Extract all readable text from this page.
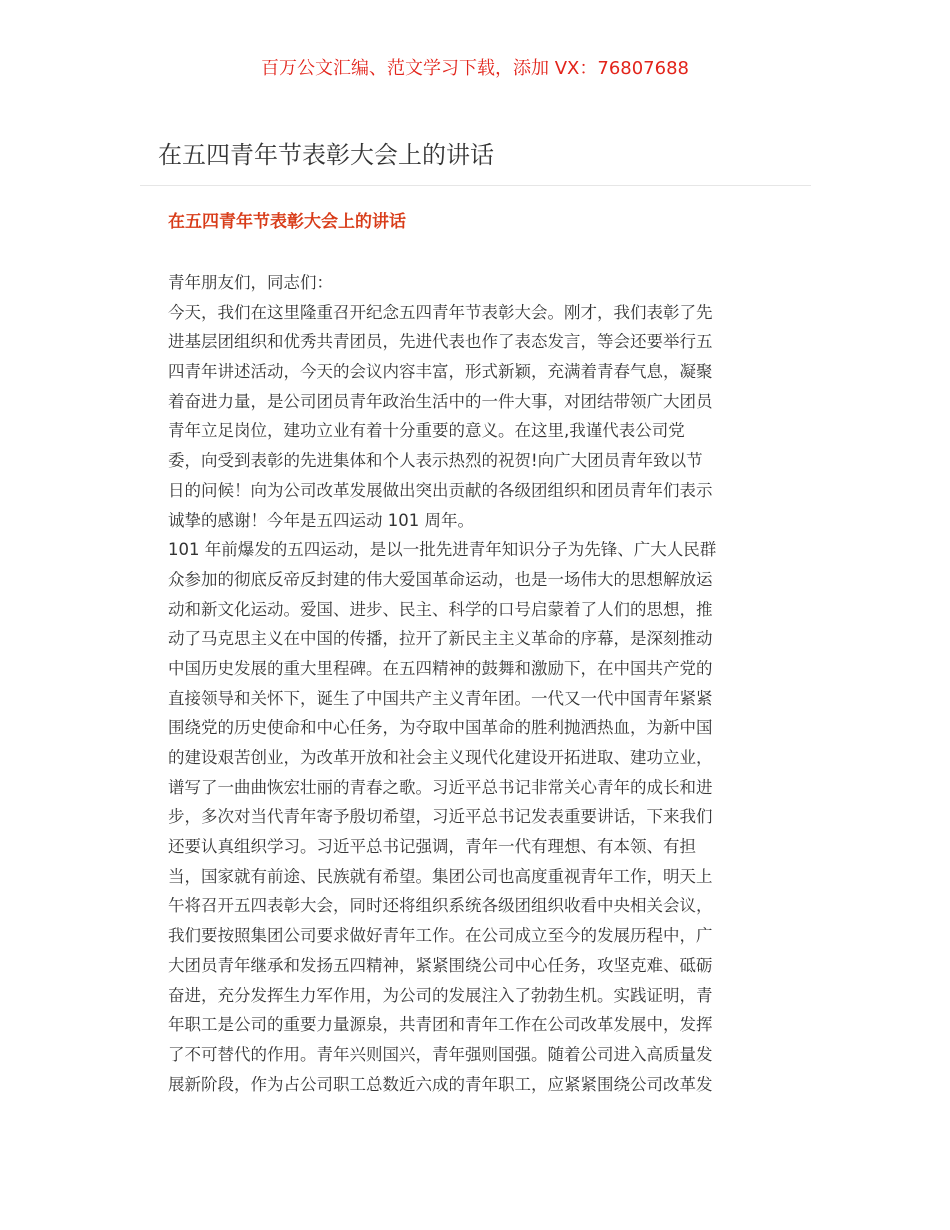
百万公文汇编、范文学习下载，添加 VX：76807688
在五四青年节表彰大会上的讲话
在五四青年节表彰大会上的讲话
青年朋友们，同志们：
今天，我们在这里隆重召开纪念五四青年节表彰大会。刚才，我们表彰了先
进基层团组织和优秀共青团员，先进代表也作了表态发言，等会还要举行五
四青年讲述活动，今天的会议内容丰富，形式新颖，充满着青春气息，凝聚
着奋进力量，是公司团员青年政治生活中的一件大事，对团结带领广大团员
青年立足岗位，建功立业有着十分重要的意义。在这里,我谨代表公司党
委，向受到表彰的先进集体和个人表示热烈的祝贺!向广大团员青年致以节
日的问候！向为公司改革发展做出突出贡献的各级团组织和团员青年们表示
诚挚的感谢！今年是五四运动 101 周年。
101 年前爆发的五四运动，是以一批先进青年知识分子为先锋、广大人民群
众参加的彻底反帝反封建的伟大爱国革命运动，也是一场伟大的思想解放运
动和新文化运动。爱国、进步、民主、科学的口号启蒙着了人们的思想，推
动了马克思主义在中国的传播，拉开了新民主主义革命的序幕，是深刻推动
中国历史发展的重大里程碑。在五四精神的鼓舞和激励下，在中国共产党的
直接领导和关怀下，诞生了中国共产主义青年团。一代又一代中国青年紧紧
围绕党的历史使命和中心任务，为夺取中国革命的胜利抛洒热血，为新中国
的建设艰苦创业，为改革开放和社会主义现代化建设开拓进取、建功立业，
谱写了一曲曲恢宏壮丽的青春之歌。习近平总书记非常关心青年的成长和进
步，多次对当代青年寄予殷切希望，习近平总书记发表重要讲话，下来我们
还要认真组织学习。习近平总书记强调，青年一代有理想、有本领、有担
当，国家就有前途、民族就有希望。集团公司也高度重视青年工作，明天上
午将召开五四表彰大会，同时还将组织系统各级团组织收看中央相关会议，
我们要按照集团公司要求做好青年工作。在公司成立至今的发展历程中，广
大团员青年继承和发扬五四精神，紧紧围绕公司中心任务，攻坚克难、砥砺
奋进，充分发挥生力军作用，为公司的发展注入了勃勃生机。实践证明，青
年职工是公司的重要力量源泉，共青团和青年工作在公司改革发展中，发挥
了不可替代的作用。青年兴则国兴，青年强则国强。随着公司进入高质量发
展新阶段，作为占公司职工总数近六成的青年职工，应紧紧围绕公司改革发
